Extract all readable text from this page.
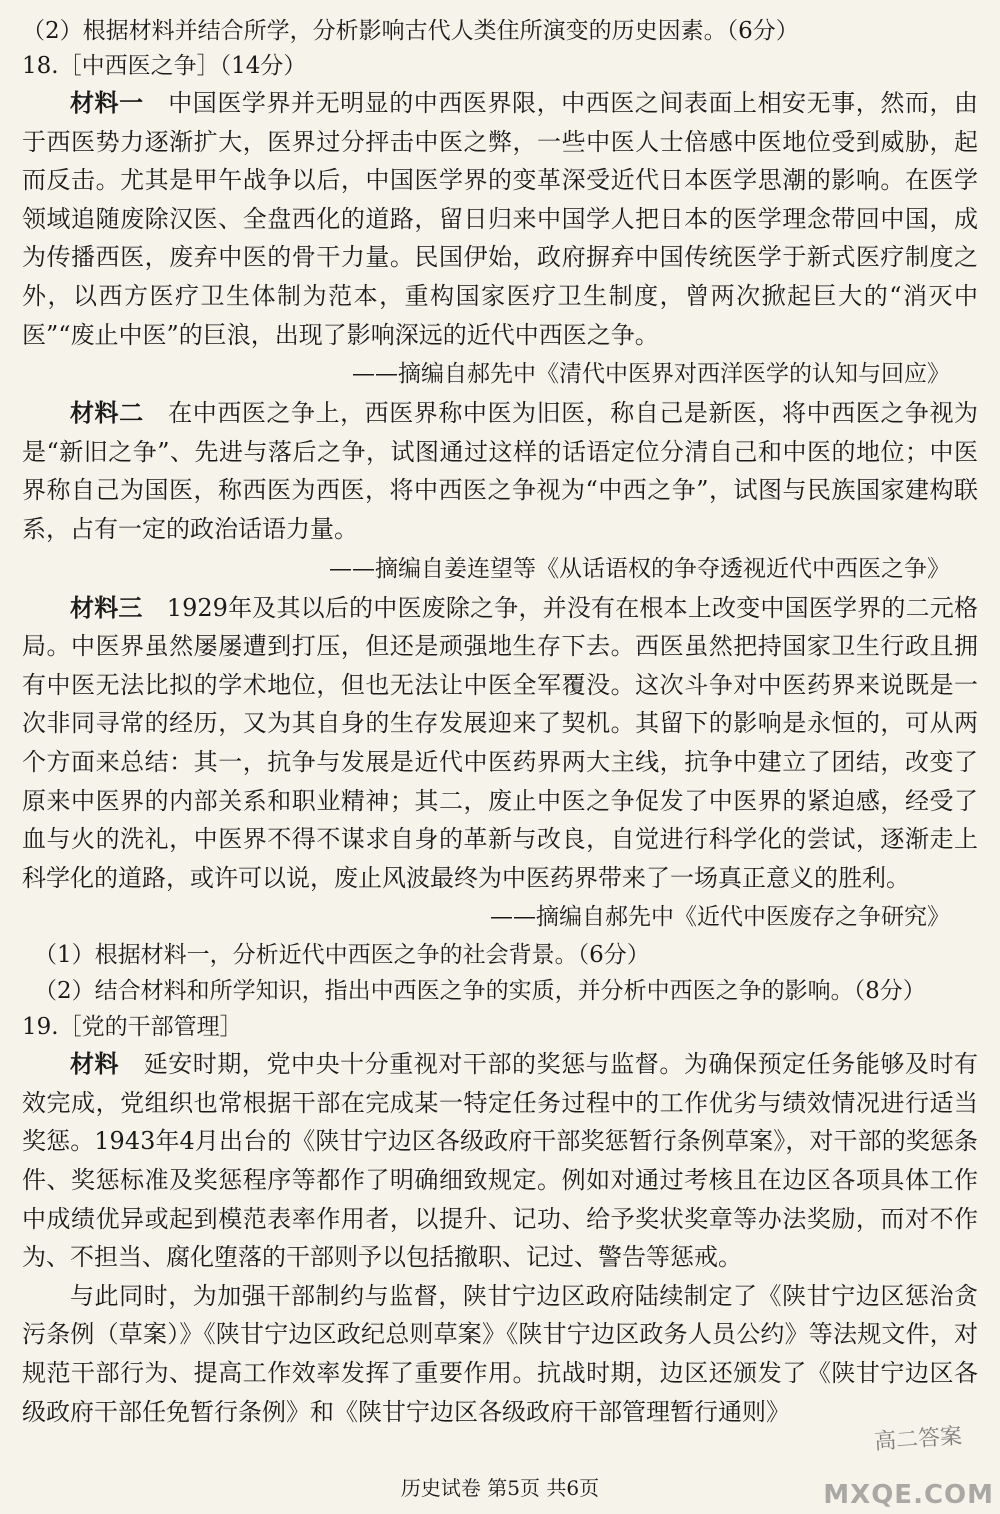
（2）根据材料并结合所学，分析影响古代人类住所演变的历史因素。（6分）

18.［中西医之争］（14分）

材料一　 中国医学界并无明显的中西医界限，中西医之间表面上相安无事，然而，由于西医势力逐渐扩大，医界过分抨击中医之弊，一些中医人士倍感中医地位受到威胁，起而反击。尤其是甲午战争以后，中国医学界的变革深受近代日本医学思潮的影响。在医学领域追随废除汉医、全盘西化的道路，留日归来中国学人把日本的医学理念带回中国，成为传播西医，废弃中医的骨干力量。民国伊始，政府摒弃中国传统医学于新式医疗制度之外，以西方医疗卫生体制为范本，重构国家医疗卫生制度，曾两次掀起巨大的“消灭中医”“废止中医”的巨浪，出现了影响深远的近代中西医之争。

——摘编自郝先中《清代中医界对西洋医学的认知与回应》

材料二　 在中西医之争上，西医界称中医为旧医，称自己是新医，将中西医之争视为是“新旧之争”、先进与落后之争，试图通过这样的话语定位分清自己和中医的地位；中医界称自己为国医，称西医为西医，将中西医之争视为“中西之争”，试图与民族国家建构联系，占有一定的政治话语力量。

——摘编自姜连望等《从话语权的争夺透视近代中西医之争》

材料三　 1929年及其以后的中医废除之争，并没有在根本上改变中国医学界的二元格局。中医界虽然屡屡遭到打压，但还是顽强地生存下去。西医虽然把持国家卫生行政且拥有中医无法比拟的学术地位，但也无法让中医全军覆没。这次斗争对中医药界来说既是一次非同寻常的经历，又为其自身的生存发展迎来了契机。其留下的影响是永恒的，可从两个方面来总结：其一，抗争与发展是近代中医药界两大主线，抗争中建立了团结，改变了原来中医界的内部关系和职业精神；其二，废止中医之争促发了中医界的紧迫感，经受了血与火的洗礼，中医界不得不谋求自身的革新与改良，自觉进行科学化的尝试，逐渐走上科学化的道路，或许可以说，废止风波最终为中医药界带来了一场真正意义的胜利。

——摘编自郝先中《近代中医废存之争研究》

（1）根据材料一，分析近代中西医之争的社会背景。（6分）

（2）结合材料和所学知识，指出中西医之争的实质，并分析中西医之争的影响。（8分）

19.［党的干部管理］

材料　 延安时期，党中央十分重视对干部的奖惩与监督。为确保预定任务能够及时有效完成，党组织也常根据干部在完成某一特定任务过程中的工作优劣与绩效情况进行适当奖惩。1943年4月出台的《陕甘宁边区各级政府干部奖惩暂行条例草案》，对干部的奖惩条件、奖惩标准及奖惩程序等都作了明确细致规定。例如对通过考核且在边区各项具体工作中成绩优异或起到模范表率作用者，以提升、记功、给予奖状奖章等办法奖励，而对不作为、不担当、腐化堕落的干部则予以包括撤职、记过、警告等惩戒。

与此同时，为加强干部制约与监督，陕甘宁边区政府陆续制定了《陕甘宁边区惩治贪污条例（草案）》《陕甘宁边区政纪总则草案》《陕甘宁边区政务人员公约》等法规文件，对规范干部行为、提高工作效率发挥了重要作用。抗战时期，边区还颁发了《陕甘宁边区各级政府干部任免暂行条例》和《陕甘宁边区各级政府干部管理暂行通则》

高二答案
历史试卷 第5页 共6页	MXQE.COM
